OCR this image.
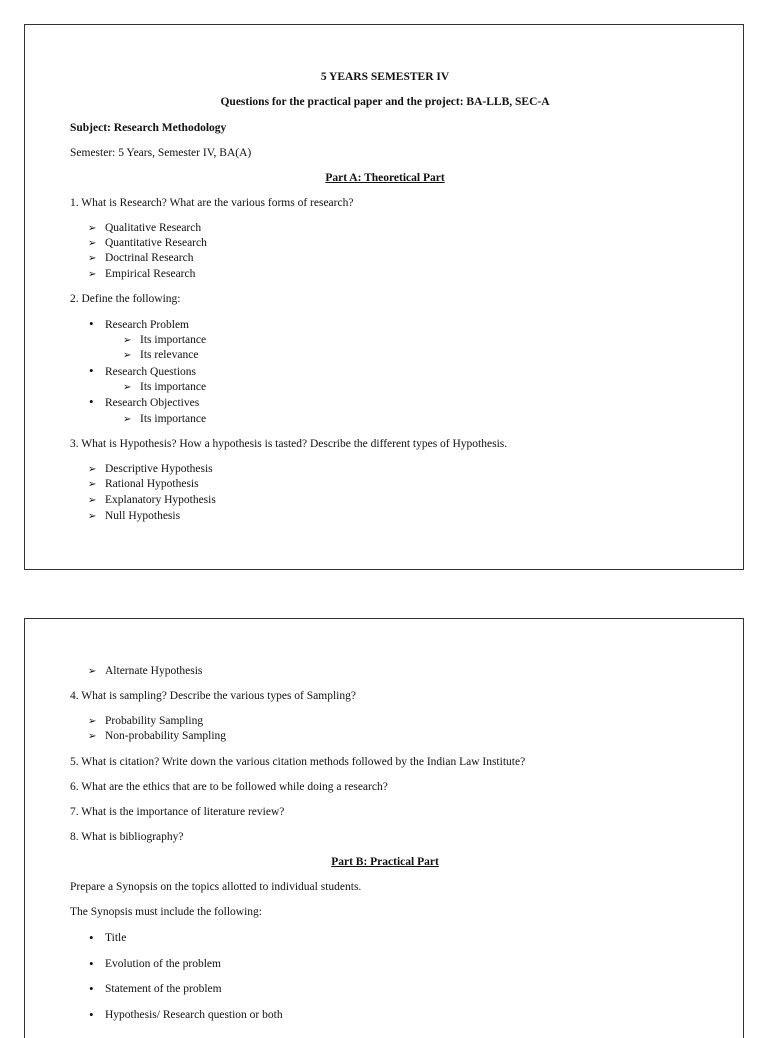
5 YEARS SEMESTER IV
Questions for the practical paper and the project: BA-LLB, SEC-A
Subject: Research Methodology
Semester: 5 Years, Semester IV, BA(A)
Part A: Theoretical Part
1. What is Research? What are the various forms of research?
➢ Qualitative Research
➢ Quantitative Research
➢ Doctrinal Research
➢ Empirical Research
2. Define the following:
• Research Problem
➢ Its importance
➢ Its relevance
• Research Questions
➢ Its importance
• Research Objectives
➢ Its importance
3. What is Hypothesis? How a hypothesis is tasted? Describe the different types of Hypothesis.
➢ Descriptive Hypothesis
➢ Rational Hypothesis
➢ Explanatory Hypothesis
➢ Null Hypothesis
➢ Alternate Hypothesis
4. What is sampling? Describe the various types of Sampling?
➢ Probability Sampling
➢ Non-probability Sampling
5. What is citation? Write down the various citation methods followed by the Indian Law Institute?
6. What are the ethics that are to be followed while doing a research?
7. What is the importance of literature review?
8. What is bibliography?
Part B: Practical Part
Prepare a Synopsis on the topics allotted to individual students.
The Synopsis must include the following:
• Title
• Evolution of the problem
• Statement of the problem
• Hypothesis/ Research question or both
